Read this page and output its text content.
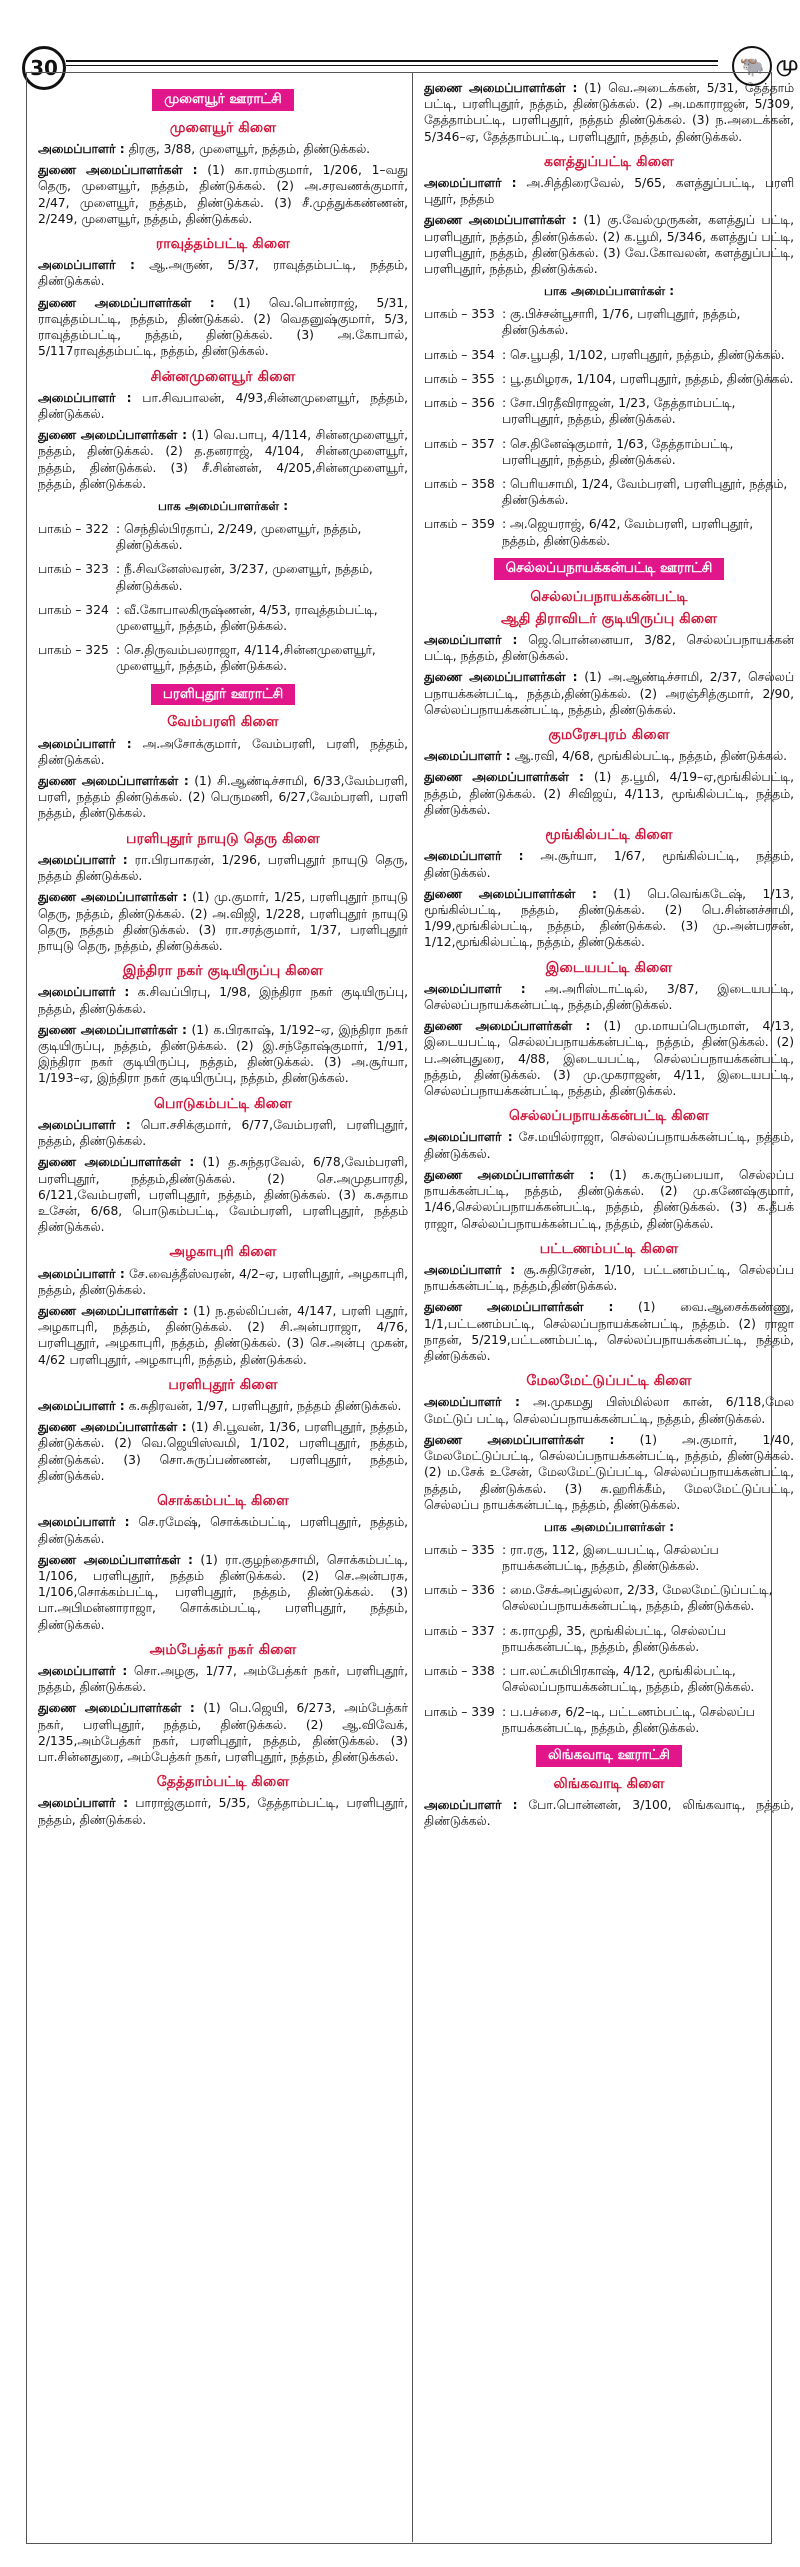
30	🐃 மு
முளையூர் ஊராட்சி
முளையூர் கிளை

அமைப்பாளர் : திரகு, 3/88, முளையூர், நத்தம், திண்டுக்கல்.

துணை அமைப்பாளர்கள் : (1) கா.ராம்குமார், 1/206, 1–வது தெரு, முளையூர், நத்தம், திண்டுக்கல். (2) அ.சரவணக்குமார், 2/47, முளையூர், நத்தம், திண்டுக்கல். (3) சீ.முத்துக்கண்ணன், 2/249, முளையூர், நத்தம், திண்டுக்கல்.

ராவுத்தம்பட்டி கிளை

அமைப்பாளர் : ஆ.அருண், 5/37, ராவுத்தம்பட்டி, நத்தம், திண்டுக்கல்.

துணை அமைப்பாளர்கள் : (1) வெ.பொன்ராஜ், 5/31, ராவுத்தம்பட்டி, நத்தம், திண்டுக்கல். (2) வெதனுஷ்குமார், 5/3, ராவுத்தம்பட்டி, நத்தம், திண்டுக்கல். (3) அ.கோபால், 5/117ராவுத்தம்பட்டி, நத்தம், திண்டுக்கல்.

சின்னமுளையூர் கிளை

அமைப்பாளர் : பா.சிவபாலன், 4/93,சின்னமுளையூர், நத்தம், திண்டுக்கல்.

துணை அமைப்பாளர்கள் : (1) வெ.பாபு, 4/114, சின்னமுளையூர், நத்தம், திண்டுக்கல். (2) த.தனராஜ், 4/104, சின்னமுளையூர், நத்தம், திண்டுக்கல். (3) சீ.சின்னன், 4/205,சின்னமுளையூர், நத்தம், திண்டுக்கல்.

பாக அமைப்பாளர்கள் :
பாகம் – 322 : செந்தில்பிரதாப், 2/249, முளையூர், நத்தம், திண்டுக்கல்.
பாகம் – 323 : நீ.சிவனேஸ்வரன், 3/237, முளையூர், நத்தம், திண்டுக்கல்.
பாகம் – 324 : வீ.கோபாலகிருஷ்ணன், 4/53, ராவுத்தம்பட்டி, முளையூர், நத்தம், திண்டுக்கல்.
பாகம் – 325 : செ.திருவம்பலராஜா, 4/114,சின்னமுளையூர், முளையூர், நத்தம், திண்டுக்கல்.
பரளிபுதூர் ஊராட்சி
வேம்பரளி கிளை

அமைப்பாளர் : அ.அசோக்குமார், வேம்பரளி, பரளி, நத்தம், திண்டுக்கல்.

துணை அமைப்பாளர்கள் : (1) சி.ஆண்டிச்சாமி, 6/33,வேம்பரளி, பரளி, நத்தம் திண்டுக்கல். (2) பெருமணி, 6/27,வேம்பரளி, பரளி நத்தம், திண்டுக்கல்.

பரளிபுதூர் நாயுடு தெரு கிளை

அமைப்பாளர் : ரா.பிரபாகரன், 1/296, பரளிபுதூர் நாயுடு தெரு, நத்தம் திண்டுக்கல்.

துணை அமைப்பாளர்கள் : (1) மு.குமார், 1/25, பரளிபுதூர் நாயுடு தெரு, நத்தம், திண்டுக்கல். (2) அ.விஜி, 1/228, பரளிபுதூர் நாயுடு தெரு, நத்தம் திண்டுக்கல். (3) ரா.சரத்குமார், 1/37, பரளிபுதூர் நாயுடு தெரு, நத்தம், திண்டுக்கல்.

இந்திரா நகர் குடியிருப்பு கிளை

அமைப்பாளர் : க.சிவப்பிரபு, 1/98, இந்திரா நகர் குடியிருப்பு, நத்தம், திண்டுக்கல்.

துணை அமைப்பாளர்கள் : (1) க.பிரகாஷ், 1/192–ஏ, இந்திரா நகர் குடியிருப்பு, நத்தம், திண்டுக்கல். (2) இ.சந்தோஷ்குமார், 1/91, இந்திரா நகர் குடியிருப்பு, நத்தம், திண்டுக்கல். (3) அ.சூர்யா, 1/193–ஏ, இந்திரா நகர் குடியிருப்பு, நத்தம், திண்டுக்கல்.

பொடுகம்பட்டி கிளை

அமைப்பாளர் : பொ.சசிக்குமார், 6/77,வேம்பரளி, பரளிபுதூர், நத்தம், திண்டுக்கல்.

துணை அமைப்பாளர்கள் : (1) த.சுந்தரவேல், 6/78,வேம்பரளி, பரளிபுதூர், நத்தம்,திண்டுக்கல். (2) செ.அமுதபாரதி, 6/121,வேம்பரளி, பரளிபுதூர், நத்தம், திண்டுக்கல். (3) க.சுதாம உசேன், 6/68, பொடுகம்பட்டி, வேம்பரளி, பரளிபுதூர், நத்தம் திண்டுக்கல்.

அழகாபுரி கிளை

அமைப்பாளர் : சே.வைத்தீஸ்வரன், 4/2–ஏ, பரளிபுதூர், அழகாபுரி, நத்தம், திண்டுக்கல்.

துணை அமைப்பாளர்கள் : (1) ந.தல்லிப்பன், 4/147, பரளி புதூர், அழகாபுரி, நத்தம், திண்டுக்கல். (2) சி.அன்பராஜா, 4/76, பரளிபுதூர், அழகாபுரி, நத்தம், திண்டுக்கல். (3) செ.அன்பு முகன், 4/62 பரளிபுதூர், அழகாபுரி, நத்தம், திண்டுக்கல்.

பரளிபுதூர் கிளை

அமைப்பாளர் : க.சுதிரவன், 1/97, பரளிபுதூர், நத்தம் திண்டுக்கல்.

துணை அமைப்பாளர்கள் : (1) சி.பூவன், 1/36, பரளிபுதூர், நத்தம், திண்டுக்கல். (2) வெ.ஜெயிஸ்வமி, 1/102, பரளிபுதூர், நத்தம், திண்டுக்கல். (3) சொ.சுருப்பண்ணன், பரளிபுதூர், நத்தம், திண்டுக்கல்.

சொக்கம்பட்டி கிளை

அமைப்பாளர் : செ.ரமேஷ், சொக்கம்பட்டி, பரளிபுதூர், நத்தம், திண்டுக்கல்.

துணை அமைப்பாளர்கள் : (1) ரா.குழந்தைசாமி, சொக்கம்பட்டி, 1/106, பரளிபுதூர், நத்தம் திண்டுக்கல். (2) செ.அன்பரசு, 1/106,சொக்கம்பட்டி, பரளிபுதூர், நத்தம், திண்டுக்கல். (3) பா.அபிமன்னாராஜா, சொக்கம்பட்டி, பரளிபுதூர், நத்தம், திண்டுக்கல்.

அம்பேத்கர் நகர் கிளை

அமைப்பாளர் : சொ.அழகு, 1/77, அம்பேத்கர் நகர், பரளிபுதூர், நத்தம், திண்டுக்கல்.

துணை அமைப்பாளர்கள் : (1) பெ.ஜெயி, 6/273, அம்பேத்கர் நகர், பரளிபுதூர், நத்தம், திண்டுக்கல். (2) ஆ.விவேக், 2/135,அம்பேத்கர் நகர், பரளிபுதூர், நத்தம், திண்டுக்கல். (3) பா.சின்னதுரை, அம்பேத்கர் நகர், பரளிபுதூர், நத்தம், திண்டுக்கல்.

தேத்தாம்பட்டி கிளை

அமைப்பாளர் : பாராஜ்குமார், 5/35, தேத்தாம்பட்டி, பரளிபுதூர், நத்தம், திண்டுக்கல்.

துணை அமைப்பாளர்கள் : (1) வெ.அடைக்கன், 5/31, தேத்தாம் பட்டி, பரளிபுதூர், நத்தம், திண்டுக்கல். (2) அ.மகாராஜன், 5/309, தேத்தாம்பட்டி, பரளிபுதூர், நத்தம் திண்டுக்கல். (3) ந.அடைக்கன், 5/346–ஏ, தேத்தாம்பட்டி, பரளிபுதூர், நத்தம், திண்டுக்கல்.

களத்துப்பட்டி கிளை

அமைப்பாளர் : அ.சித்திரைவேல், 5/65, களத்துப்பட்டி, பரளி புதூர், நத்தம்

துணை அமைப்பாளர்கள் : (1) கு.வேல்முருகன், களத்துப் பட்டி, பரளிபுதூர், நத்தம், திண்டுக்கல். (2) க.பூமி, 5/346, களத்துப் பட்டி, பரளிபுதூர், நத்தம், திண்டுக்கல். (3) வே.கோவலன், களத்துப்பட்டி, பரளிபுதூர், நத்தம், திண்டுக்கல்.

பாக அமைப்பாளர்கள் :
பாகம் – 353 : கு.பிச்சன்பூசாரி, 1/76, பரளிபுதூர், நத்தம், திண்டுக்கல்.
பாகம் – 354 : செ.பூபதி, 1/102, பரளிபுதூர், நத்தம், திண்டுக்கல்.
பாகம் – 355 : பூ.தமிழரசு, 1/104, பரளிபுதூர், நத்தம், திண்டுக்கல்.
பாகம் – 356 : சோ.பிரதீவிராஜன், 1/23, தேத்தாம்பட்டி, பரளிபுதூர், நத்தம், திண்டுக்கல்.
பாகம் – 357 : செ.தினேஷ்குமார், 1/63, தேத்தாம்பட்டி, பரளிபுதூர், நத்தம், திண்டுக்கல்.
பாகம் – 358 : பெரியசாமி, 1/24, வேம்பரளி, பரளிபுதூர், நத்தம், திண்டுக்கல்.
பாகம் – 359 : அ.ஜெயராஜ், 6/42, வேம்பரளி, பரளிபுதூர், நத்தம், திண்டுக்கல்.
செல்லப்பநாயக்கன்பட்டி ஊராட்சி
செல்லப்பநாயக்கன்பட்டி
ஆதி திராவிடர் குடியிருப்பு கிளை

அமைப்பாளர் : ஜெ.பொன்னையா, 3/82, செல்லப்பநாயக்கன் பட்டி, நத்தம், திண்டுக்கல்.

துணை அமைப்பாளர்கள் : (1) அ.ஆண்டிச்சாமி, 2/37, செல்லப் பநாயக்கன்பட்டி, நத்தம்,திண்டுக்கல். (2) அரஞ்சித்குமார், 2/90, செல்லப்பநாயக்கன்பட்டி, நத்தம், திண்டுக்கல்.

குமரேசபுரம் கிளை

அமைப்பாளர் : ஆ.ரவி, 4/68, மூங்கில்பட்டி, நத்தம், திண்டுக்கல்.

துணை அமைப்பாளர்கள் : (1) த.பூமி, 4/19–ஏ,மூங்கில்பட்டி, நத்தம், திண்டுக்கல். (2) சிவிஜய், 4/113, மூங்கில்பட்டி, நத்தம், திண்டுக்கல்.

மூங்கில்பட்டி கிளை

அமைப்பாளர் : அ.சூர்யா, 1/67, மூங்கில்பட்டி, நத்தம், திண்டுக்கல்.

துணை அமைப்பாளர்கள் : (1) பெ.வெங்கடேஷ், 1/13, மூங்கில்பட்டி, நத்தம், திண்டுக்கல். (2) பெ.சின்னச்சாமி, 1/99,மூங்கில்பட்டி, நத்தம், திண்டுக்கல். (3) மு.அன்பரசன், 1/12,மூங்கில்பட்டி, நத்தம், திண்டுக்கல்.

இடையபட்டி கிளை

அமைப்பாளர் : அ.அரிஸ்டாட்டில், 3/87, இடையபட்டி, செல்லப்பநாயக்கன்பட்டி, நத்தம்,திண்டுக்கல்.

துணை அமைப்பாளர்கள் : (1) மு.மாயப்பெருமாள், 4/13, இடையபட்டி, செல்லப்பநாயக்கன்பட்டி, நத்தம், திண்டுக்கல். (2) ப.அன்புதுரை, 4/88, இடையபட்டி, செல்லப்பநாயக்கன்பட்டி, நத்தம், திண்டுக்கல். (3) மு.முகராஜன், 4/11, இடையபட்டி, செல்லப்பநாயக்கன்பட்டி, நத்தம், திண்டுக்கல்.

செல்லப்பநாயக்கன்பட்டி கிளை

அமைப்பாளர் : சே.மயில்ராஜா, செல்லப்பநாயக்கன்பட்டி, நத்தம், திண்டுக்கல்.

துணை அமைப்பாளர்கள் : (1) க.கருப்பையா, செல்லப்ப நாயக்கன்பட்டி, நத்தம், திண்டுக்கல். (2) மு.கணேஷ்குமார், 1/46,செல்லப்பநாயக்கன்பட்டி, நத்தம், திண்டுக்கல். (3) க.தீபக் ராஜா, செல்லப்பநாயக்கன்பட்டி, நத்தம், திண்டுக்கல்.

பட்டணம்பட்டி கிளை

அமைப்பாளர் : சூ.சுதிரேசன், 1/10, பட்டணம்பட்டி, செல்லப்ப நாயக்கன்பட்டி, நத்தம்,திண்டுக்கல்.

துணை அமைப்பாளர்கள் : (1) வை.ஆசைக்கண்ணு, 1/1,பட்டணம்பட்டி, செல்லப்பநாயக்கன்பட்டி, நத்தம். (2) ராஜா நாதன், 5/219,பட்டணம்பட்டி, செல்லப்பநாயக்கன்பட்டி, நத்தம், திண்டுக்கல்.

மேலமேட்டுப்பட்டி கிளை

அமைப்பாளர் : அ.முகமது பிஸ்மில்லா கான், 6/118,மேல மேட்டுப் பட்டி, செல்லப்பநாயக்கன்பட்டி, நத்தம், திண்டுக்கல்.

துணை அமைப்பாளர்கள் : (1) அ.குமார், 1/40, மேலமேட்டுப்பட்டி, செல்லப்பநாயக்கன்பட்டி, நத்தம், திண்டுக்கல். (2) ம.சேக் உசேன், மேலமேட்டுப்பட்டி, செல்லப்பநாயக்கன்பட்டி, நத்தம், திண்டுக்கல். (3) சு.ஹரிக்கீம், மேலமேட்டுப்பட்டி, செல்லப்ப நாயக்கன்பட்டி, நத்தம், திண்டுக்கல்.

பாக அமைப்பாளர்கள் :
பாகம் – 335 : ரா.ரகு, 112, இடையபட்டி, செல்லப்ப நாயக்கன்பட்டி, நத்தம், திண்டுக்கல்.
பாகம் – 336 : மை.சேக்அப்துல்லா, 2/33, மேலமேட்டுப்பட்டி, செல்லப்பநாயக்கன்பட்டி, நத்தம், திண்டுக்கல்.
பாகம் – 337 : க.ராமுதி, 35, மூங்கில்பட்டி, செல்லப்ப நாயக்கன்பட்டி, நத்தம், திண்டுக்கல்.
பாகம் – 338 : பா.லட்சுமிபிரகாஷ், 4/12, மூங்கில்பட்டி, செல்லப்பநாயக்கன்பட்டி, நத்தம், திண்டுக்கல்.
பாகம் – 339 : ப.பச்சை, 6/2–டி, பட்டணம்பட்டி, செல்லப்ப நாயக்கன்பட்டி, நத்தம், திண்டுக்கல்.
லிங்கவாடி ஊராட்சி
லிங்கவாடி கிளை

அமைப்பாளர் : போ.பொன்னன், 3/100, லிங்கவாடி, நத்தம், திண்டுக்கல்.
